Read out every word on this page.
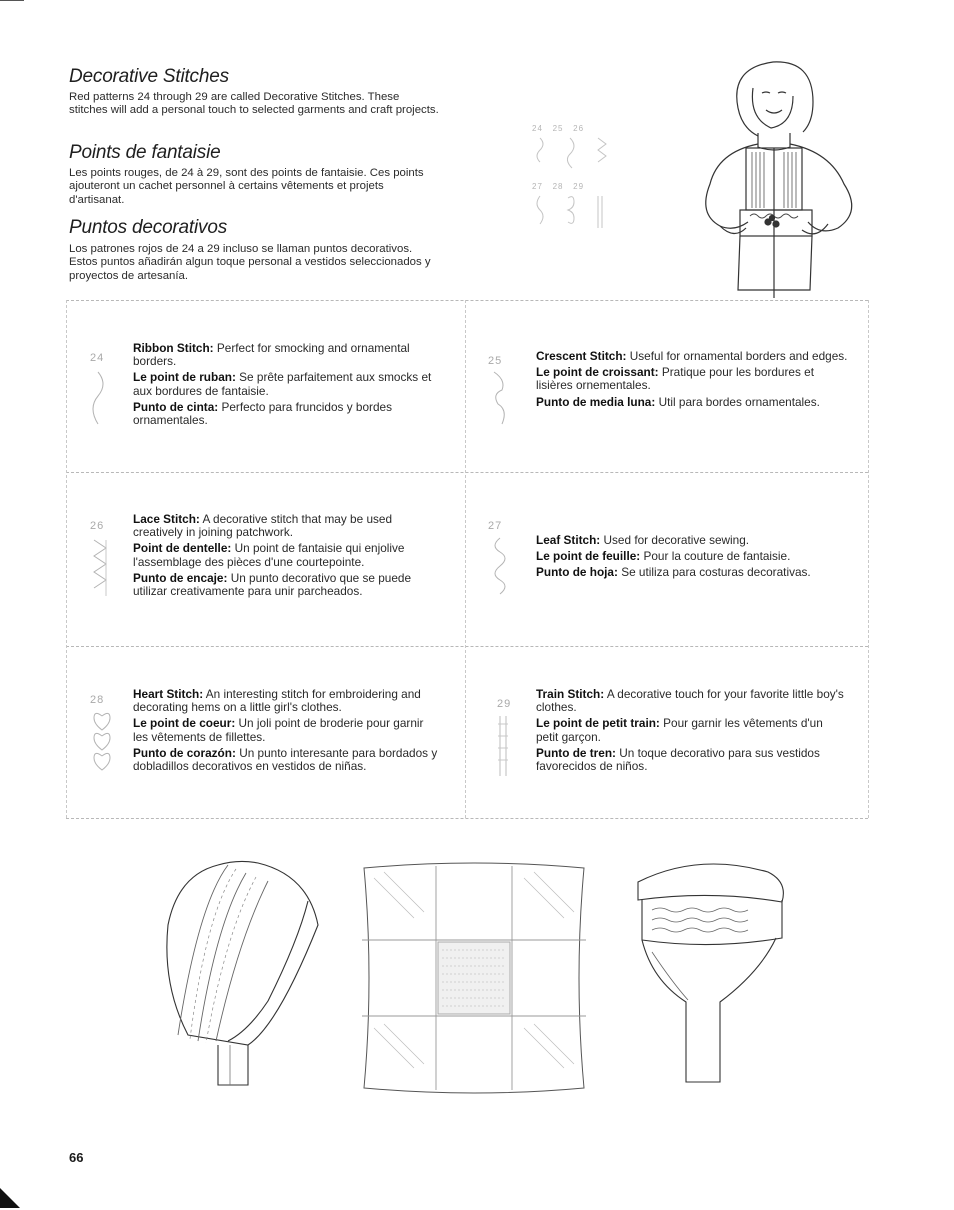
Decorative Stitches

Red patterns 24 through 29 are called Decorative Stitches. These stitches will add a personal touch to selected garments and craft projects.

Points de fantaisie

Les points rouges, de 24 à 29, sont des points de fantaisie. Ces points ajouteront un cachet personnel à certains vêtements et projets d'artisanat.

Puntos decorativos

Los patrones rojos de 24 a 29 incluso se llaman puntos decorativos. Estos puntos añadirán algun toque personal a vestidos seleccionados y proyectos de artesanía.

24   25   26
27   28   29
24

Ribbon Stitch: Perfect for smocking and ornamental borders.

Le point de ruban: Se prête parfaitement aux smocks et aux bordures de fantaisie.

Punto de cinta: Perfecto para fruncidos y bordes ornamentales.

25	Crescent Stitch: Useful for ornamental borders and edges.

Le point de croissant: Pratique pour les bordures et lisières ornementales.

Punto de media luna: Util para bordes ornamentales.

26 Lace Stitch: A decorative stitch that may be used creatively in joining patchwork.

Point de dentelle: Un point de fantaisie qui enjolive l'assemblage des pièces d'une courtepointe.

Punto de encaje: Un punto decorativo que se puede utilizar creativamente para unir parcheados.

27

Leaf Stitch: Used for decorative sewing.

Le point de feuille: Pour la couture de fantaisie.

Punto de hoja: Se utiliza para costuras decorativas.

28 Heart Stitch: An interesting stitch for embroidering and decorating hems on a little girl's clothes.

Le point de coeur: Un joli point de broderie pour garnir les vêtements de fillettes.

Punto de corazón: Un punto interesante para bordados y dobladillos decorativos en vestidos de niñas.

29

Train Stitch: A decorative touch for your favorite little boy's clothes.

Le point de petit train: Pour garnir les vêtements d'un petit garçon.

Punto de tren: Un toque decorativo para sus vestidos favorecidos de niños.

66
